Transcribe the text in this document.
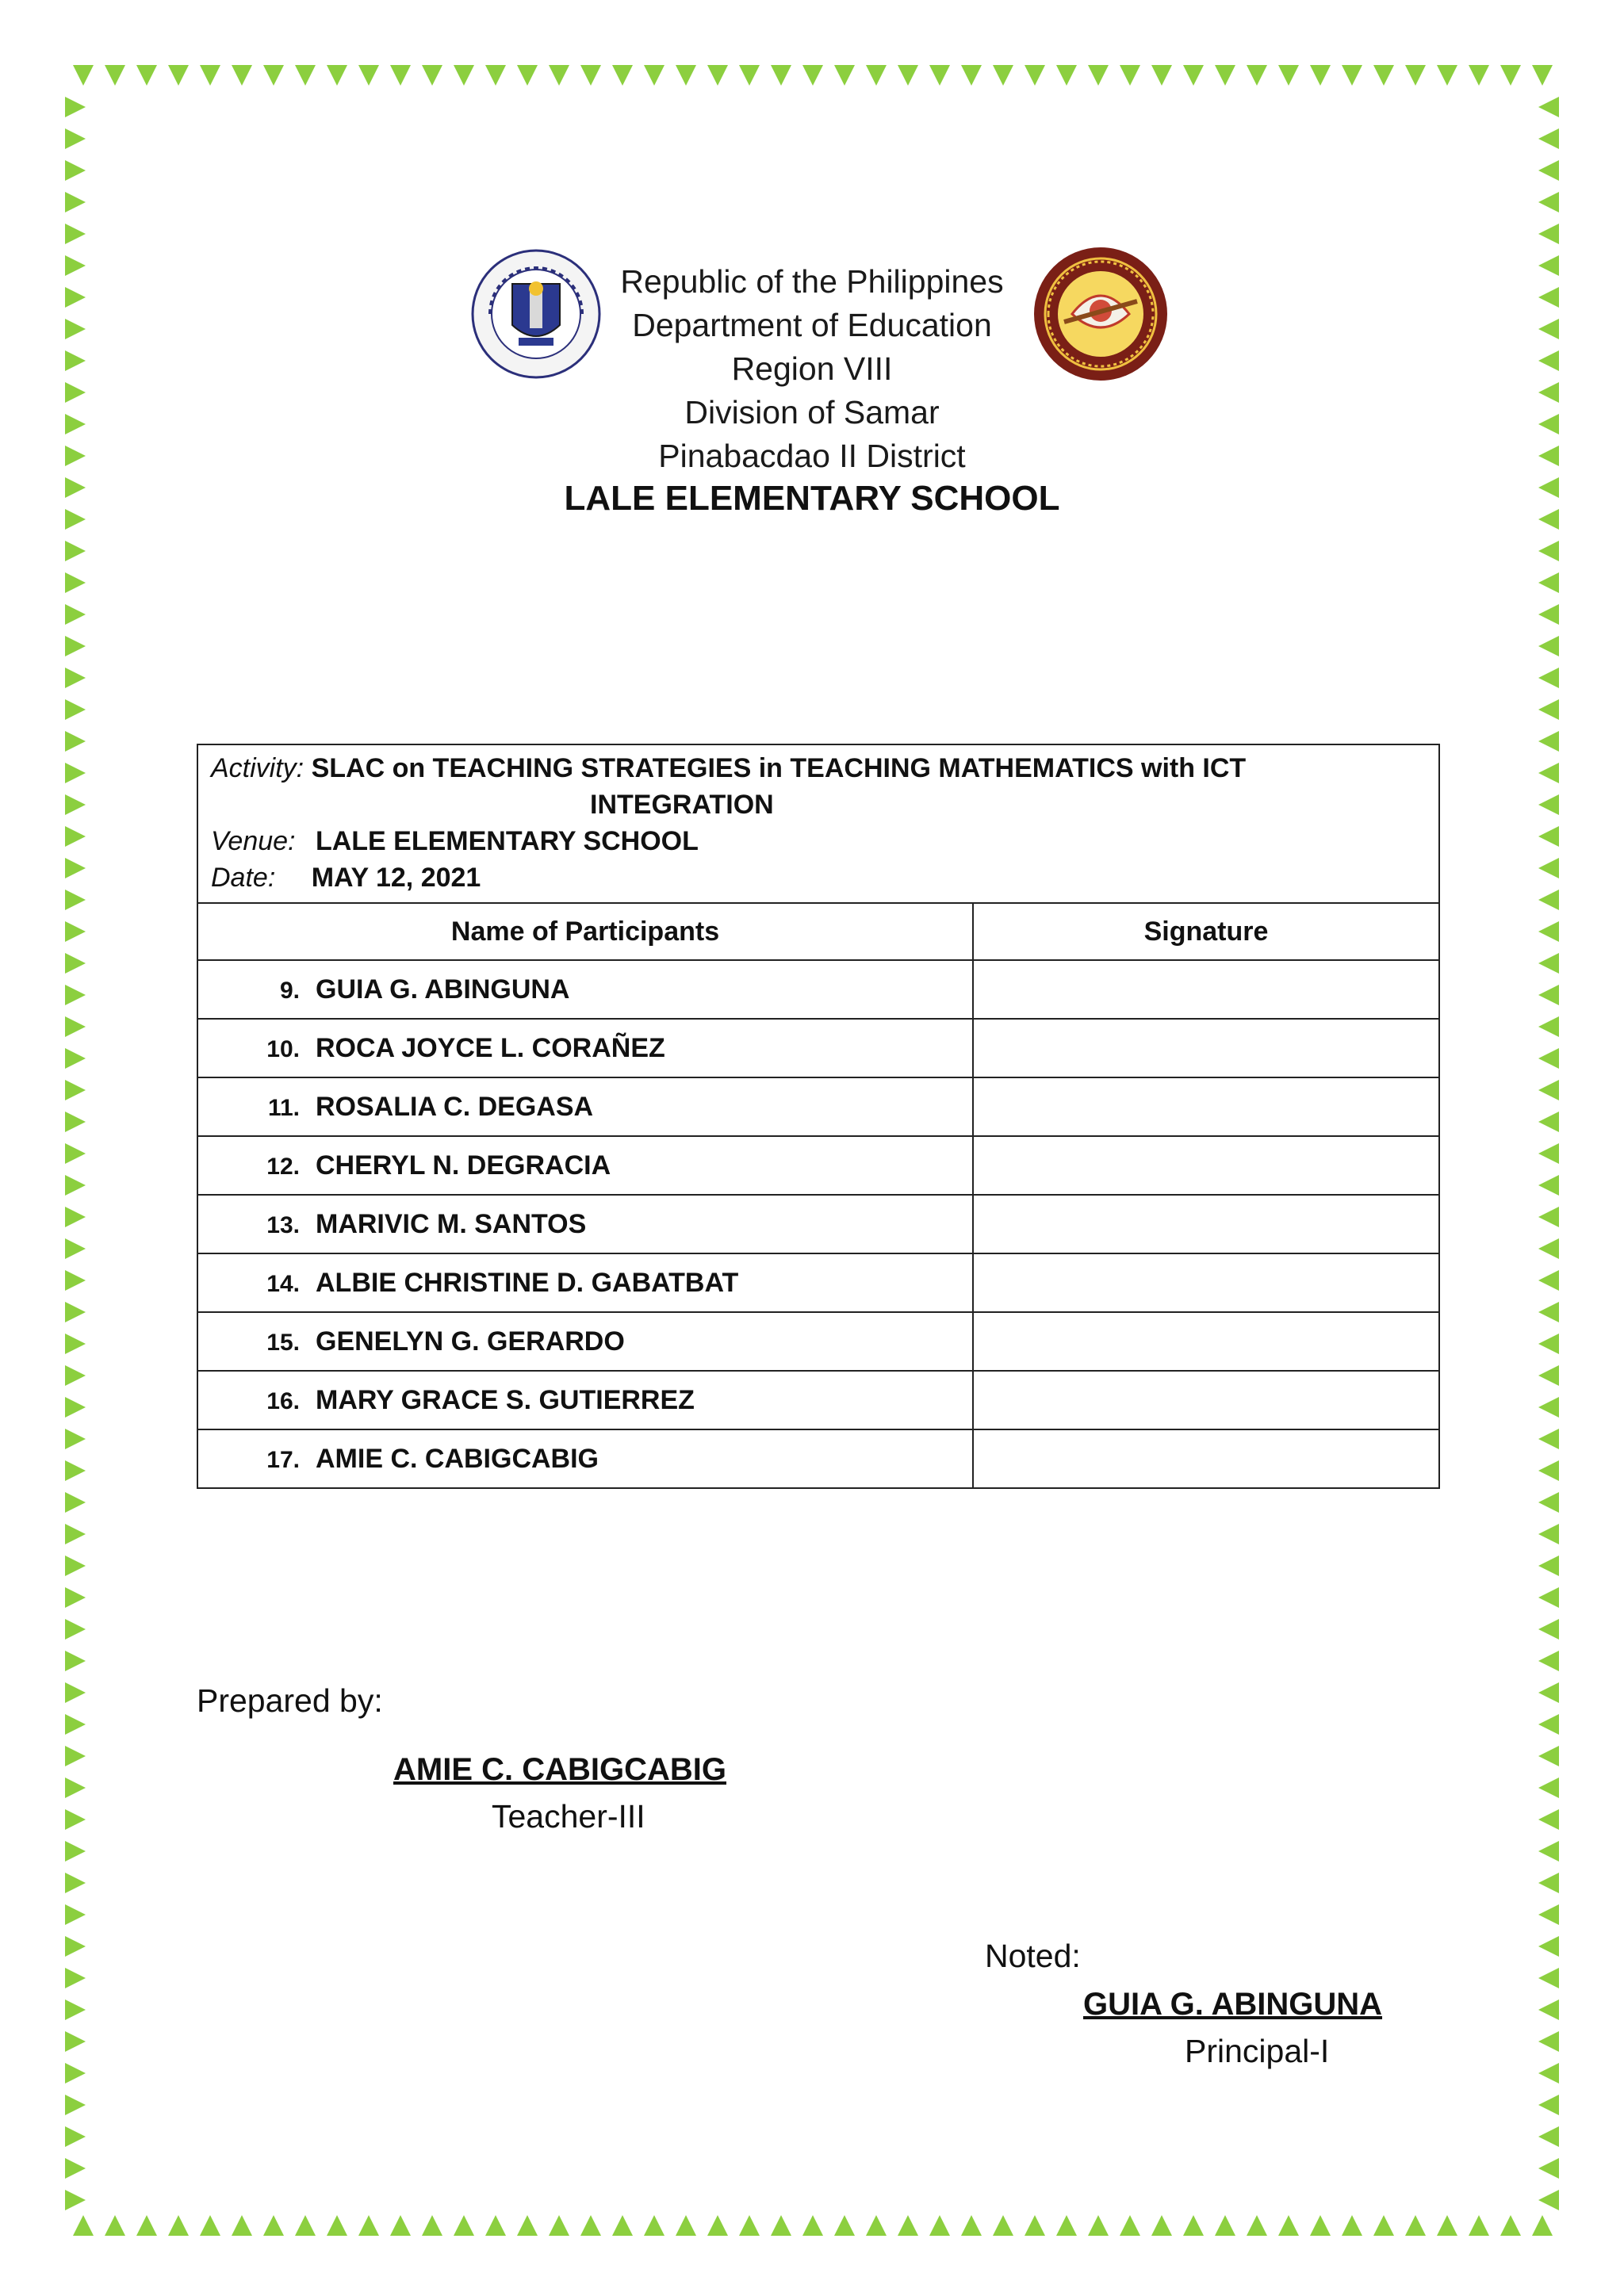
Republic of the Philippines
Department of Education
Region VIII
Division of Samar
Pinabacdao II District
LALE ELEMENTARY SCHOOL
Activity: SLAC on TEACHING STRATEGIES in TEACHING MATHEMATICS with ICT
INTEGRATION
Venue: LALE ELEMENTARY SCHOOL
Date: MAY 12, 2021	

Name of Participants	Signature
9. GUIA G. ABINGUNA	
10. ROCA JOYCE L. CORAÑEZ	
11. ROSALIA C. DEGASA	
12. CHERYL N. DEGRACIA	
13. MARIVIC M. SANTOS	
14. ALBIE CHRISTINE D. GABATBAT	
15. GENELYN G. GERARDO	
16. MARY GRACE S. GUTIERREZ	
17. AMIE C. CABIGCABIG	
Prepared by:
AMIE C. CABIGCABIG
Teacher-III
Noted:
GUIA G. ABINGUNA
Principal-I
